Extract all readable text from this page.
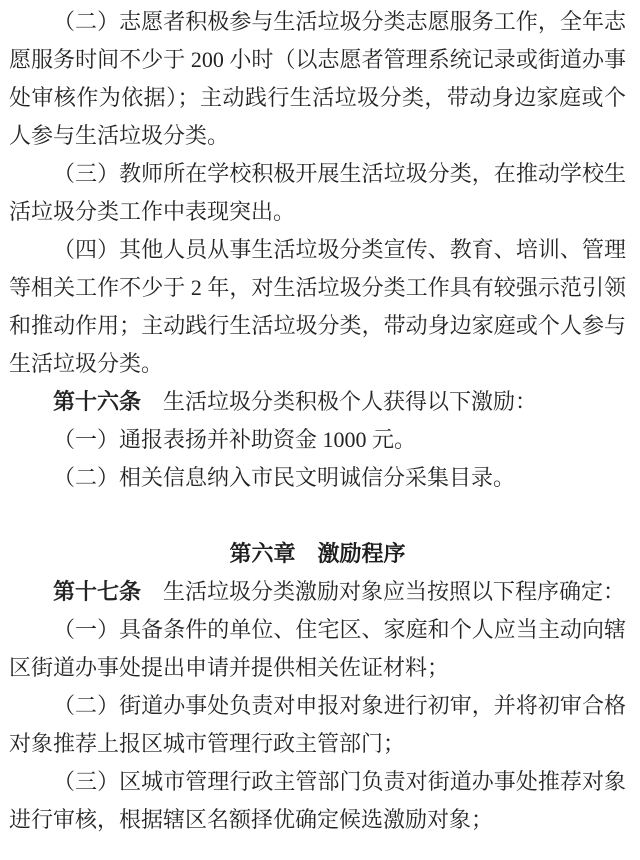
（二）志愿者积极参与生活垃圾分类志愿服务工作，全年志愿服务时间不少于 200 小时（以志愿者管理系统记录或街道办事处审核作为依据）；主动践行生活垃圾分类，带动身边家庭或个人参与生活垃圾分类。

（三）教师所在学校积极开展生活垃圾分类，在推动学校生活垃圾分类工作中表现突出。

（四）其他人员从事生活垃圾分类宣传、教育、培训、管理等相关工作不少于 2 年，对生活垃圾分类工作具有较强示范引领和推动作用；主动践行生活垃圾分类，带动身边家庭或个人参与生活垃圾分类。

第十六条　生活垃圾分类积极个人获得以下激励：

（一）通报表扬并补助资金 1000 元。

（二）相关信息纳入市民文明诚信分采集目录。

第六章　激励程序

第十七条　生活垃圾分类激励对象应当按照以下程序确定：

（一）具备条件的单位、住宅区、家庭和个人应当主动向辖区街道办事处提出申请并提供相关佐证材料；

（二）街道办事处负责对申报对象进行初审，并将初审合格对象推荐上报区城市管理行政主管部门；

（三）区城市管理行政主管部门负责对街道办事处推荐对象进行审核，根据辖区名额择优确定候选激励对象；
